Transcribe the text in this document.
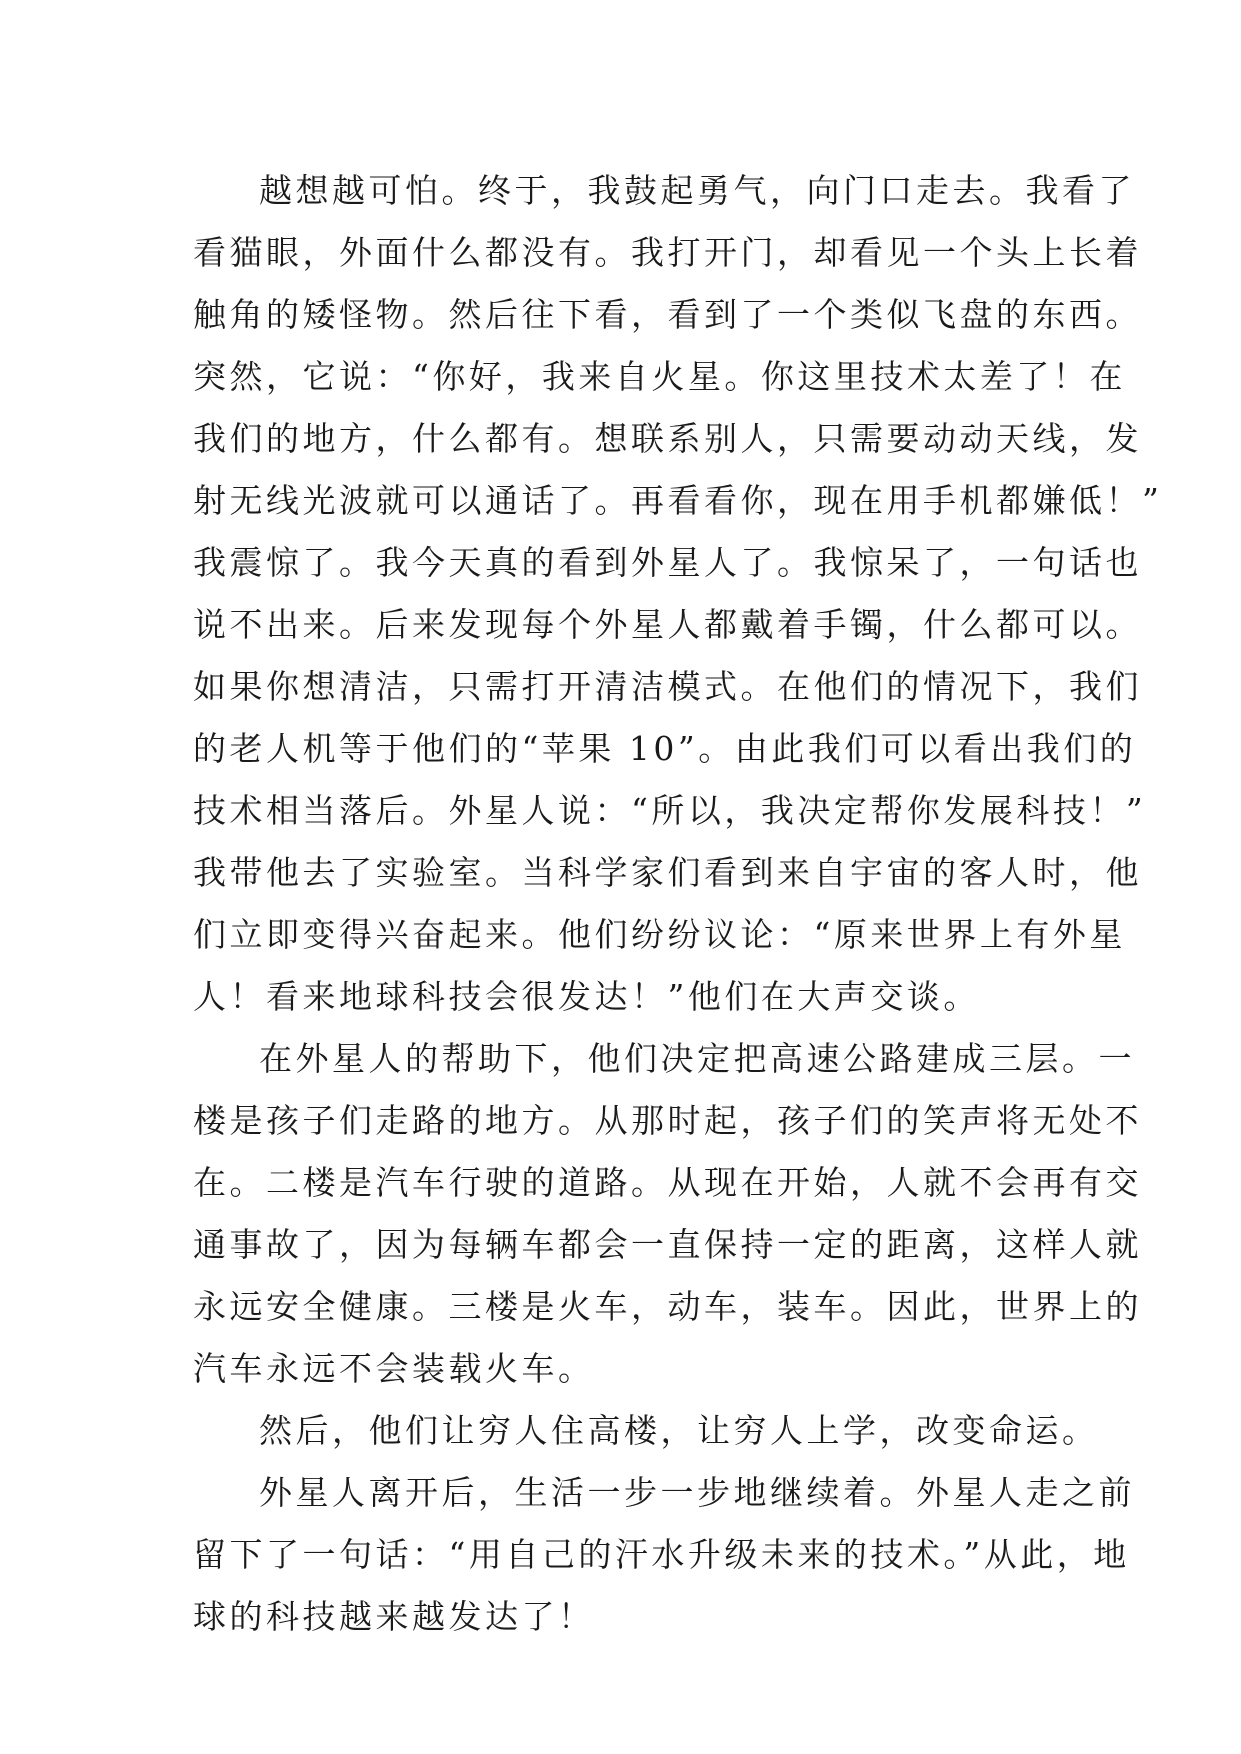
越想越可怕。终于，我鼓起勇气，向门口走去。我看了
看猫眼，外面什么都没有。我打开门，却看见一个头上长着
触角的矮怪物。然后往下看，看到了一个类似飞盘的东西。
突然，它说：“你好，我来自火星。你这里技术太差了！在
我们的地方，什么都有。想联系别人，只需要动动天线，发
射无线光波就可以通话了。再看看你，现在用手机都嫌低！”
我震惊了。我今天真的看到外星人了。我惊呆了，一句话也
说不出来。后来发现每个外星人都戴着手镯，什么都可以。
如果你想清洁，只需打开清洁模式。在他们的情况下，我们
的老人机等于他们的“苹果 10”。由此我们可以看出我们的
技术相当落后。外星人说：“所以，我决定帮你发展科技！”
我带他去了实验室。当科学家们看到来自宇宙的客人时，他
们立即变得兴奋起来。他们纷纷议论：“原来世界上有外星
人！看来地球科技会很发达！”他们在大声交谈。
在外星人的帮助下，他们决定把高速公路建成三层。一
楼是孩子们走路的地方。从那时起，孩子们的笑声将无处不
在。二楼是汽车行驶的道路。从现在开始，人就不会再有交
通事故了，因为每辆车都会一直保持一定的距离，这样人就
永远安全健康。三楼是火车，动车，装车。因此，世界上的
汽车永远不会装载火车。
然后，他们让穷人住高楼，让穷人上学，改变命运。
外星人离开后，生活一步一步地继续着。外星人走之前
留下了一句话：“用自己的汗水升级未来的技术。”从此，地
球的科技越来越发达了！
